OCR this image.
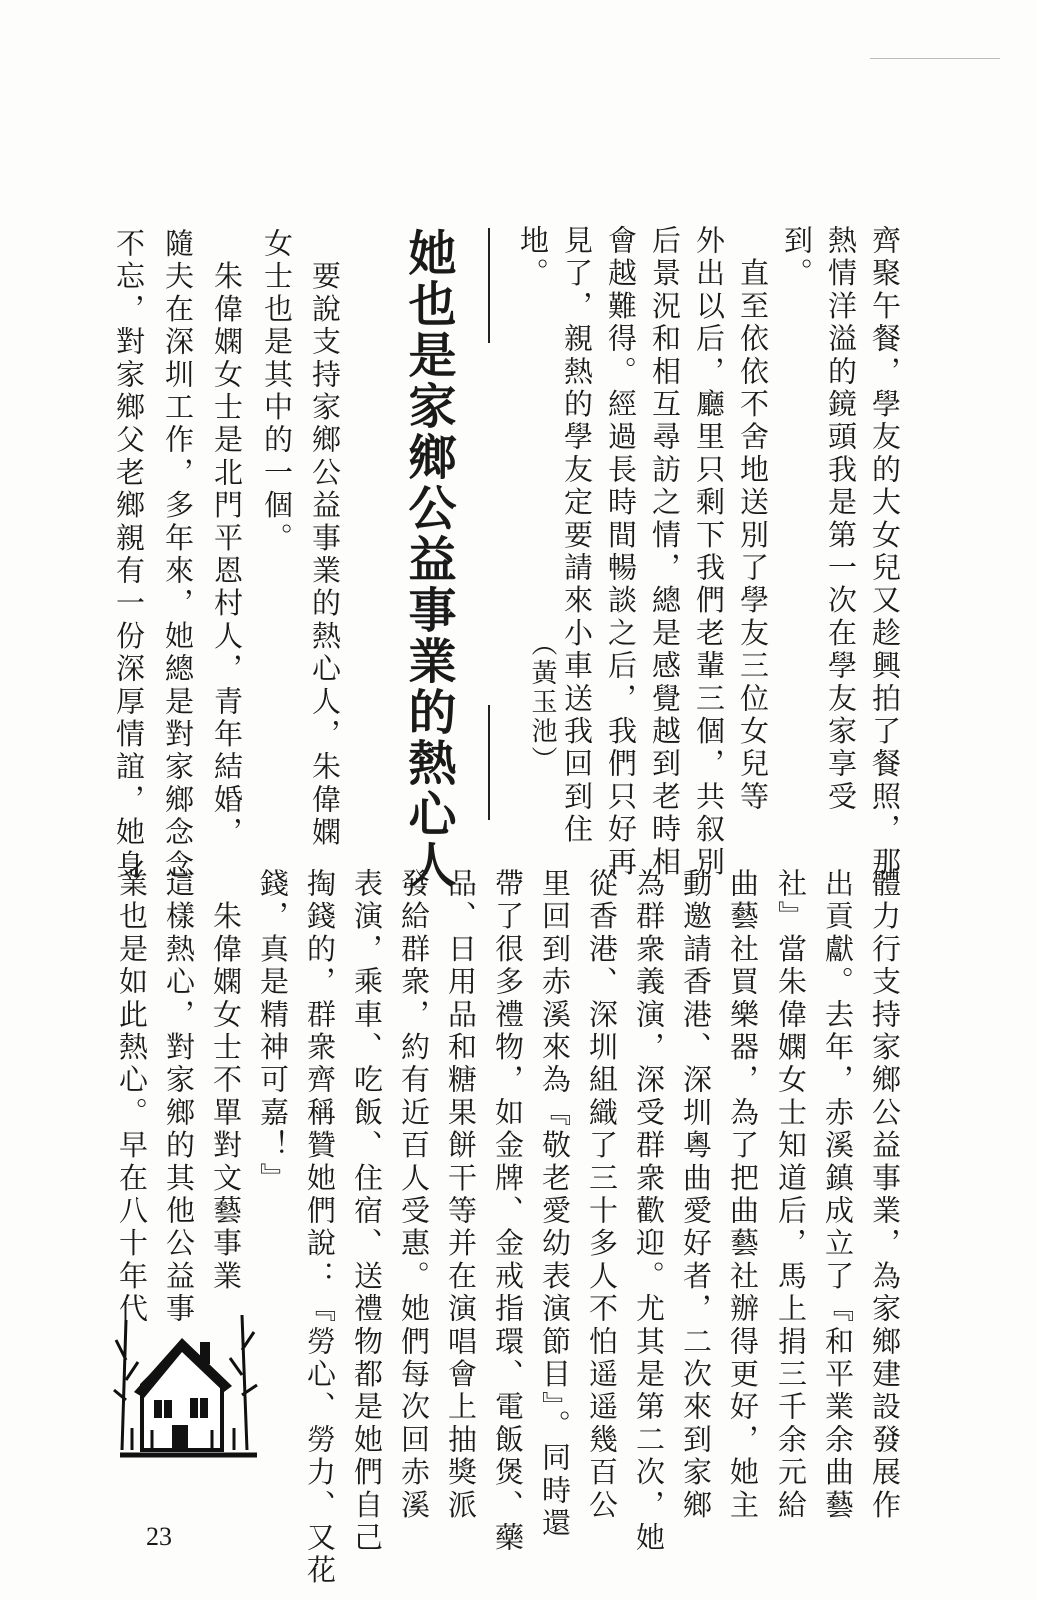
齊聚午餐，學友的大女兒又趁興拍了餐照，那
熱情洋溢的鏡頭我是第一次在學友家享受
到。
　直至依依不舍地送別了學友三位女兒等
外出以后，廳里只剩下我們老輩三個，共叙別
后景況和相互尋訪之情，總是感覺越到老時相
會越難得。經過長時間暢談之后，我們只好再
見了，親熱的學友定要請來小車送我回到住
地。
（黃玉池）
她也是家鄉公益事業的熱心人
　要說支持家鄉公益事業的熱心人，朱偉嫻
女士也是其中的一個。
　朱偉嫻女士是北門平恩村人，青年結婚，
隨夫在深圳工作，多年來，她總是對家鄉念念
不忘，對家鄉父老鄉親有一份深厚情誼，她身
體力行支持家鄉公益事業，為家鄉建設發展作
出貢獻。去年，赤溪鎮成立了『和平業余曲藝
社』當朱偉嫻女士知道后，馬上捐三千余元給
曲藝社買樂器，為了把曲藝社辦得更好，她主
動邀請香港、深圳粵曲愛好者，二次來到家鄉
為群衆義演，深受群衆歡迎。尤其是第二次，她
從香港、深圳組織了三十多人不怕遥遥幾百公
里回到赤溪來為『敬老愛幼表演節目』。同時還
帶了很多禮物，如金牌、金戒指環、電飯煲、藥
品、日用品和糖果餅干等并在演唱會上抽獎派
發給群衆，約有近百人受惠。她們每次回赤溪
表演，乘車、吃飯、住宿、送禮物都是她們自己
掏錢的，群衆齊稱贊她們說：『勞心、勞力、又花
錢，真是精神可嘉！』
　朱偉嫻女士不單對文藝事業
這樣熱心，對家鄉的其他公益事
業也是如此熱心。早在八十年代
23
